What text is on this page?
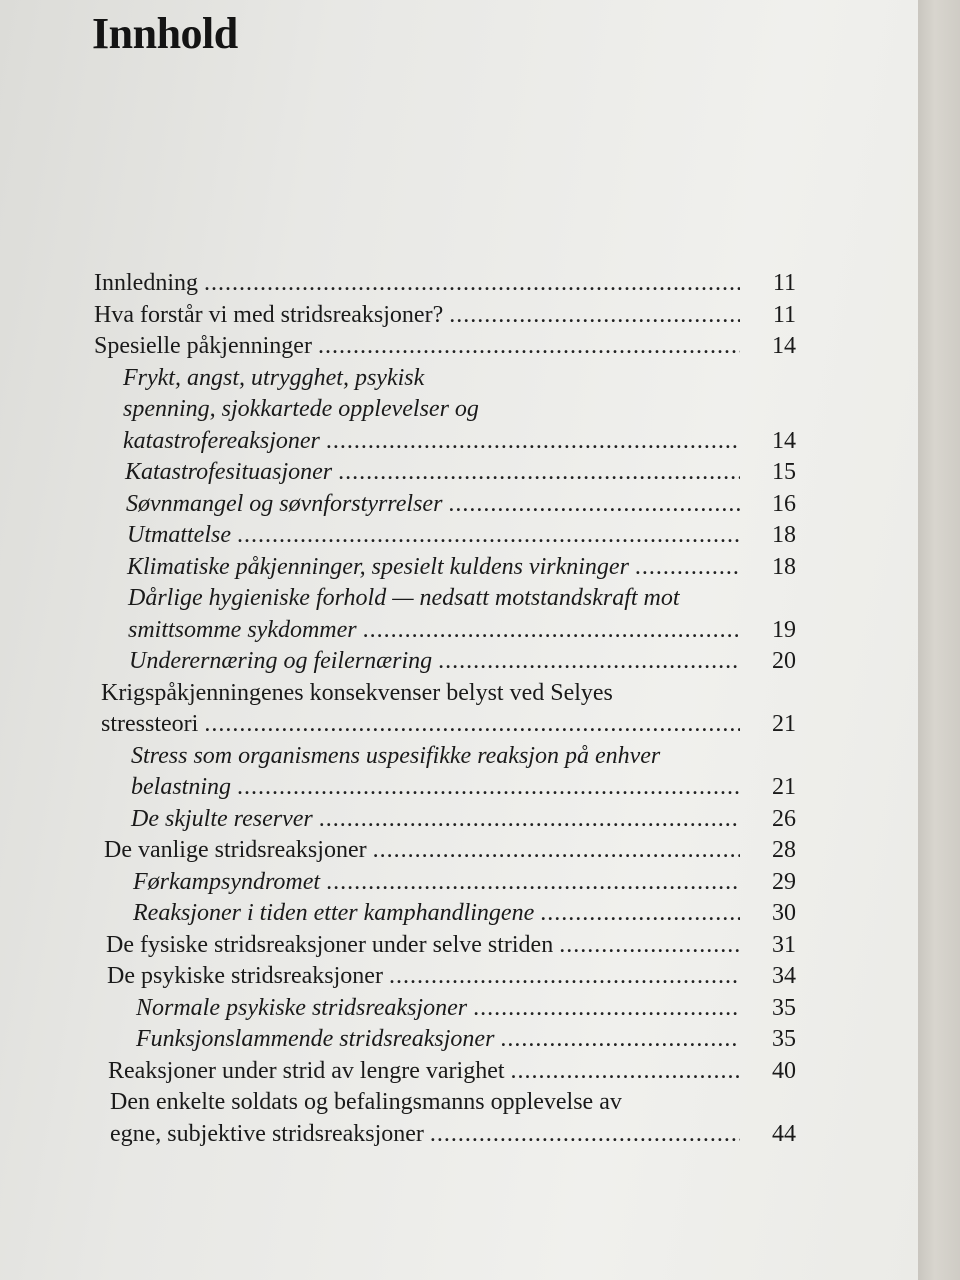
Innhold
Innledning .....	11
Hva forstår vi med stridsreaksjoner? .....	11
Spesielle påkjenninger .....	14
Frykt, angst, utrygghet, psykisk
spenning, sjokkartede opplevelser og
katastrofereaksjoner .....	14
Katastrofesituasjoner .....	15
Søvnmangel og søvnforstyrrelser .....	16
Utmattelse .....	18
Klimatiske påkjenninger, spesielt kuldens virkninger .....	18
Dårlige hygieniske forhold — nedsatt motstandskraft mot
smittsomme sykdommer .....	19
Underernæring og feilernæring .....	20
Krigspåkjenningenes konsekvenser belyst ved Selyes
stressteori .....	21
Stress som organismens uspesifikke reaksjon på enhver
belastning .....	21
De skjulte reserver .....	26
De vanlige stridsreaksjoner .....	28
Førkampsyndromet .....	29
Reaksjoner i tiden etter kamphandlingene .....	30
De fysiske stridsreaksjoner under selve striden .....	31
De psykiske stridsreaksjoner .....	34
Normale psykiske stridsreaksjoner .....	35
Funksjonslammende stridsreaksjoner .....	35
Reaksjoner under strid av lengre varighet .....	40
Den enkelte soldats og befalingsmanns opplevelse av
egne, subjektive stridsreaksjoner .....	44
